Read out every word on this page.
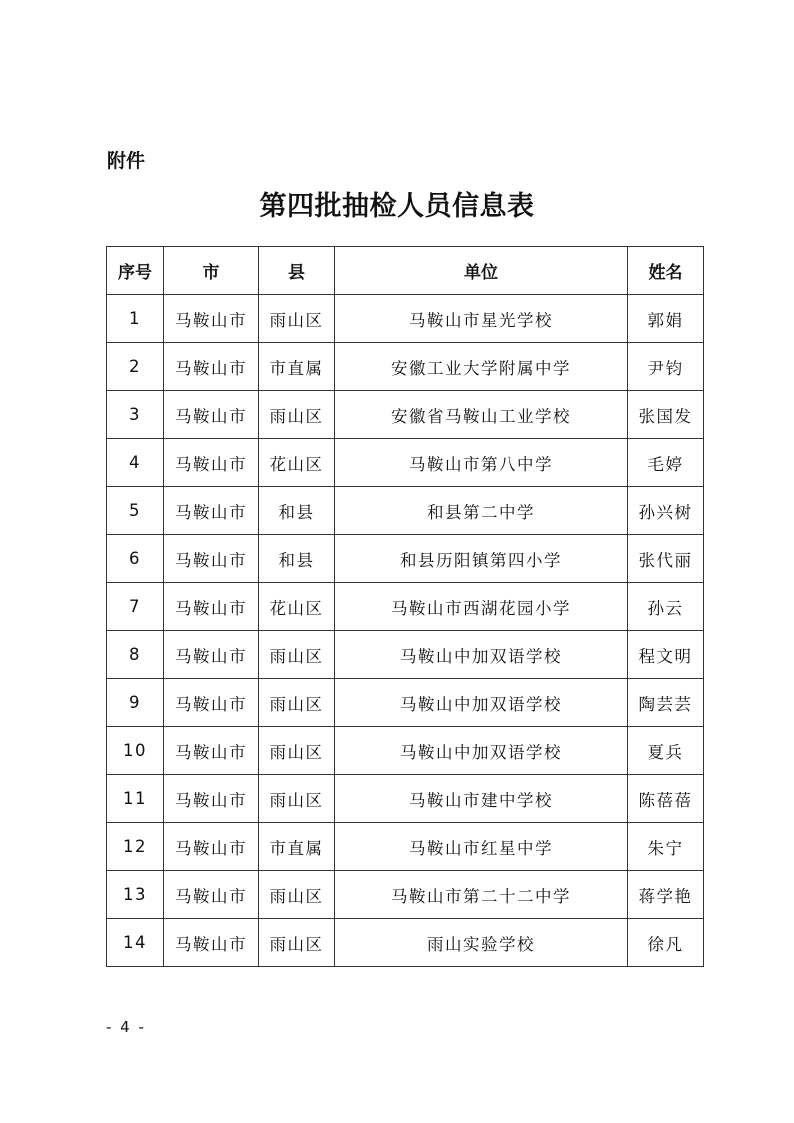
附件
第四批抽检人员信息表
序号	市	县	单位	姓名
1	马鞍山市	雨山区	马鞍山市星光学校	郭娟
2	马鞍山市	市直属	安徽工业大学附属中学	尹钧
3	马鞍山市	雨山区	安徽省马鞍山工业学校	张国发
4	马鞍山市	花山区	马鞍山市第八中学	毛婷
5	马鞍山市	和县	和县第二中学	孙兴树
6	马鞍山市	和县	和县历阳镇第四小学	张代丽
7	马鞍山市	花山区	马鞍山市西湖花园小学	孙云
8	马鞍山市	雨山区	马鞍山中加双语学校	程文明
9	马鞍山市	雨山区	马鞍山中加双语学校	陶芸芸
10	马鞍山市	雨山区	马鞍山中加双语学校	夏兵
11	马鞍山市	雨山区	马鞍山市建中学校	陈蓓蓓
12	马鞍山市	市直属	马鞍山市红星中学	朱宁
13	马鞍山市	雨山区	马鞍山市第二十二中学	蒋学艳
14	马鞍山市	雨山区	雨山实验学校	徐凡
- 4 -
